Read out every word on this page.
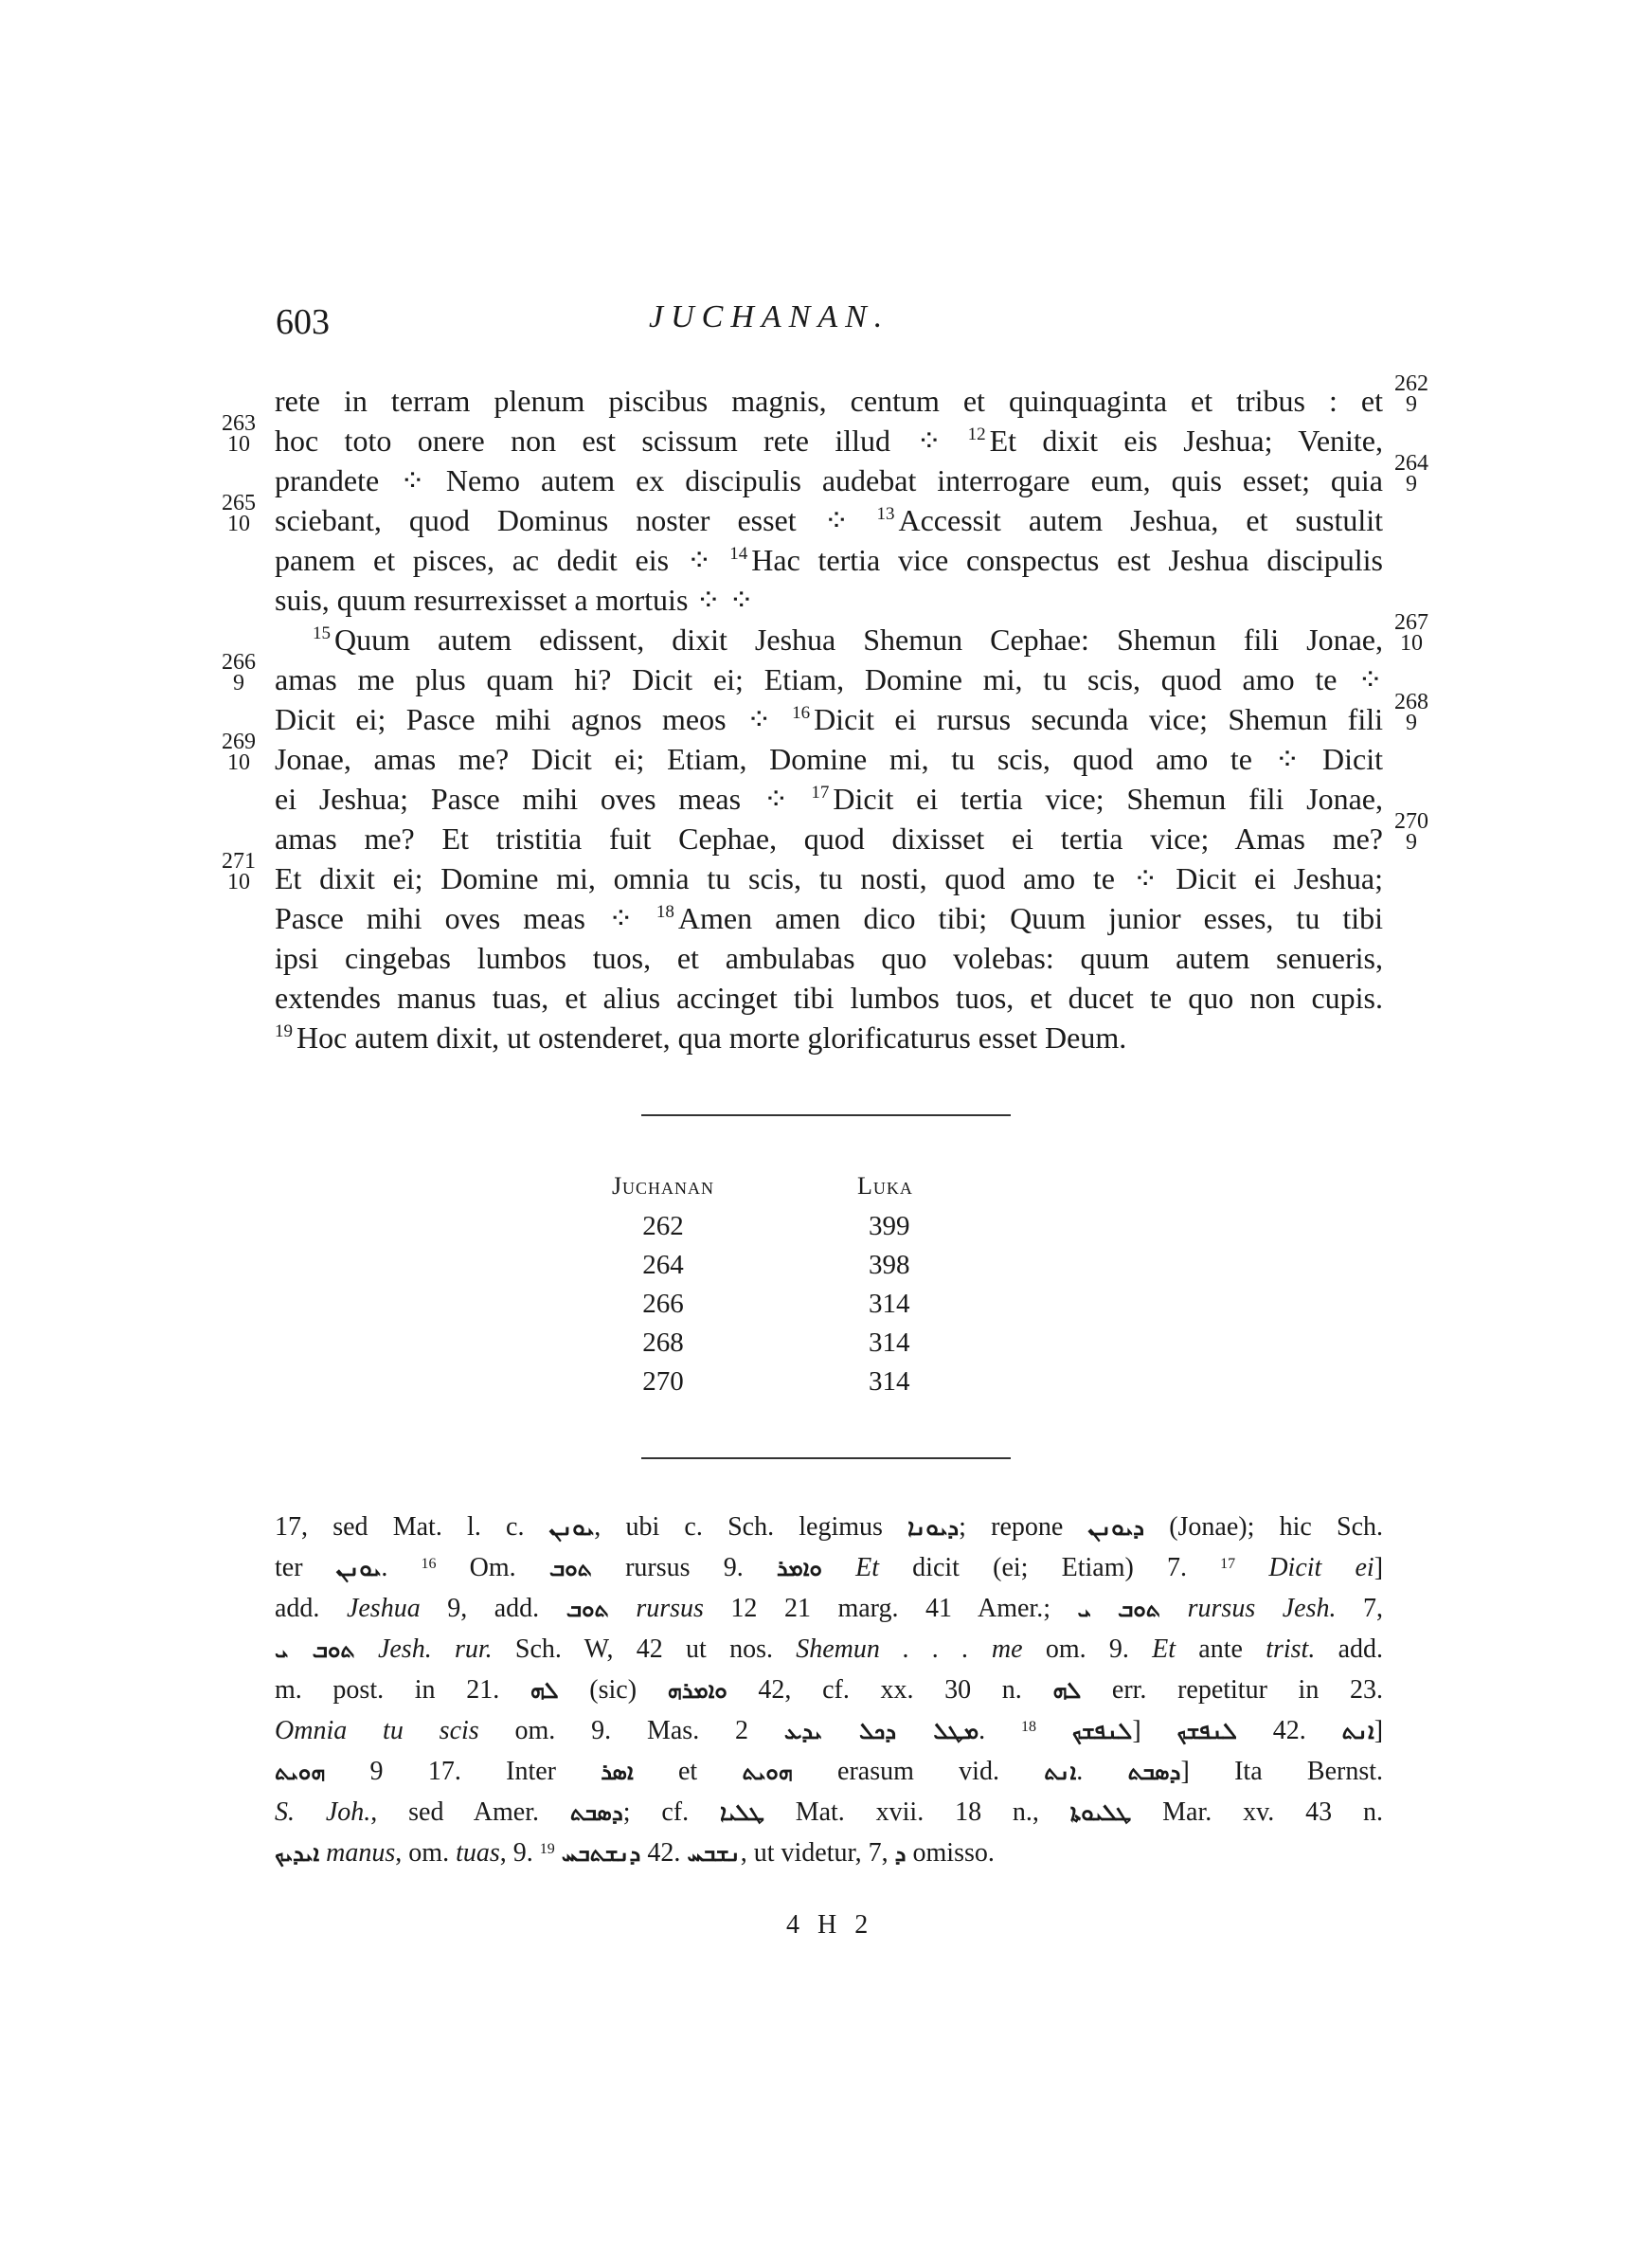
603	JUCHANAN.
rete in terram plenum piscibus magnis, centum et quinquaginta et tribus : et
hoc toto onere non est scissum rete illud ⁘ $^{12}$ Et dixit eis Jeshua; Venite,
prandete ⁘ Nemo autem ex discipulis audebat interrogare eum, quis esset; quia
sciebant, quod Dominus noster esset ⁘ $^{13}$ Accessit autem Jeshua, et sustulit
panem et pisces, ac dedit eis ⁘ $^{14}$ Hac tertia vice conspectus est Jeshua discipulis
suis, quum resurrexisset a mortuis ⁘ ⁘
$^{15}$ Quum autem edissent, dixit Jeshua Shemun Cephae: Shemun fili Jonae,
amas me plus quam hi? Dicit ei; Etiam, Domine mi, tu scis, quod amo te ⁘
Dicit ei; Pasce mihi agnos meos ⁘ $^{16}$ Dicit ei rursus secunda vice; Shemun fili
Jonae, amas me? Dicit ei; Etiam, Domine mi, tu scis, quod amo te ⁘ Dicit
ei Jeshua; Pasce mihi oves meas ⁘ $^{17}$ Dicit ei tertia vice; Shemun fili Jonae,
amas me? Et tristitia fuit Cephae, quod dixisset ei tertia vice; Amas me?
Et dixit ei; Domine mi, omnia tu scis, tu nosti, quod amo te ⁘ Dicit ei Jeshua;
Pasce mihi oves meas ⁘ $^{18}$ Amen amen dico tibi; Quum junior esses, tu tibi
ipsi cingebas lumbos tuos, et ambulabas quo volebas: quum autem senueris,
extendes manus tuas, et alius accinget tibi lumbos tuos, et ducet te quo non cupis.
$^{19}$ Hoc autem dixit, ut ostenderet, qua morte glorificaturus esset Deum.
263
10
265
10
266
9
269
10
271
10
262
9
264
9
267
10
268
9
270
9
Juchanan	Luka
262	399
264	398
266	314
268	314
270	314
17, sed Mat. l. c. ܝܘܢܢ, ubi c. Sch. legimus ܕܝܘܢܐ; repone ܕܝܘܢܢ (Jonae); hic Sch.
ter ܝܘܢܢ. $^{16}$ Om. ܬܘܒ rursus 9. ܘܐܡܪ Et dicit (ei; Etiam) 7. $^{17}$ Dicit ei]
add. Jeshua 9, add. ܬܘܒ rursus 12 21 marg. 41 Amer.; ܝ ܬܘܒ rursus Jesh. 7,
ܬܘܒ ܝ Jesh. rur. Sch. W, 42 ut nos. Shemun . . . me om. 9. Et ante trist. add.
m. post. in 21. ܠܗ (sic) ܘܐܡܪܗ 42, cf. xx. 30 n. ܠܗ err. repetitur in 23.
Omnia tu scis om. 9. Mas. 2 ܡܛܠ ܕܟܠ ܝܕܥ. $^{18}$ ܠܢܦܫܟ] ܠܢܦܫܟ 42. ܐܢܬ]
ܗܘܝܬ 9 17. Inter ܐܣܪ et ܗܘܝܬ erasum vid. ܐܢܬ. ܕܣܒܬ] Ita Bernst.
S. Joh., sed Amer. ܕܣܒܬ; cf. ܛܠܝܐ Mat. xvii. 18 n., ܛܠܝܘܬܐ Mar. xv. 43 n.
ܐܝܕܝܟ manus, om. tuas, 9. $^{19}$ ܕܢܫܬܒܚ 42. ܢܫܒܚ, ut videtur, 7, ܕ omisso.
4 H 2
